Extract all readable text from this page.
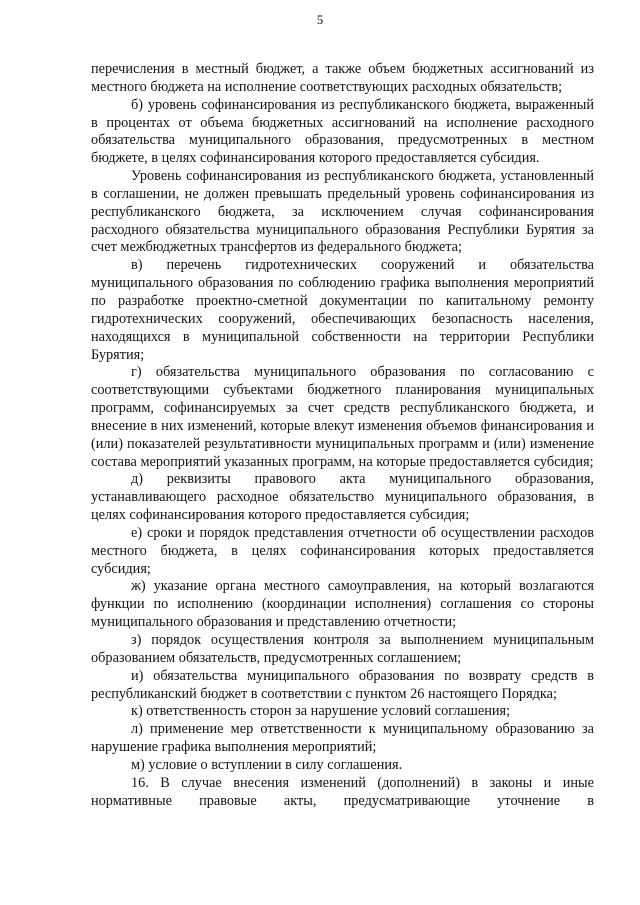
5

перечисления в местный бюджет, а также объем бюджетных ассигнований из местного бюджета на исполнение соответствующих расходных обязательств;

б) уровень софинансирования из республиканского бюджета, выраженный в процентах от объема бюджетных ассигнований на исполнение расходного обязательства муниципального образования, предусмотренных в местном бюджете, в целях софинансирования которого предоставляется субсидия.

Уровень софинансирования из республиканского бюджета, установленный в соглашении, не должен превышать предельный уровень софинансирования из республиканского бюджета, за исключением случая софинансирования расходного обязательства муниципального образования Республики Бурятия за счет межбюджетных трансфертов из федерального бюджета;

в) перечень гидротехнических сооружений и обязательства муниципального образования по соблюдению графика выполнения мероприятий по разработке проектно-сметной документации по капитальному ремонту гидротехнических сооружений, обеспечивающих безопасность населения, находящихся в муниципальной собственности на территории Республики Бурятия;

г) обязательства муниципального образования по согласованию с соответствующими субъектами бюджетного планирования муниципальных программ, софинансируемых за счет средств республиканского бюджета, и внесение в них изменений, которые влекут изменения объемов финансирования и (или) показателей результативности муниципальных программ и (или) изменение состава мероприятий указанных программ, на которые предоставляется субсидия;

д) реквизиты правового акта муниципального образования, устанавливающего расходное обязательство муниципального образования, в целях софинансирования которого предоставляется субсидия;

е) сроки и порядок представления отчетности об осуществлении расходов местного бюджета, в целях софинансирования которых предоставляется субсидия;

ж) указание органа местного самоуправления, на который возлагаются функции по исполнению (координации исполнения) соглашения со стороны муниципального образования и представлению отчетности;

з) порядок осуществления контроля за выполнением муниципальным образованием обязательств, предусмотренных соглашением;

и) обязательства муниципального образования по возврату средств в республиканский бюджет в соответствии с пунктом 26 настоящего Порядка;

к) ответственность сторон за нарушение условий соглашения;

л) применение мер ответственности к муниципальному образованию за нарушение графика выполнения мероприятий;

м) условие о вступлении в силу соглашения.

16. В случае внесения изменений (дополнений) в законы и иные нормативные правовые акты, предусматривающие уточнение в
